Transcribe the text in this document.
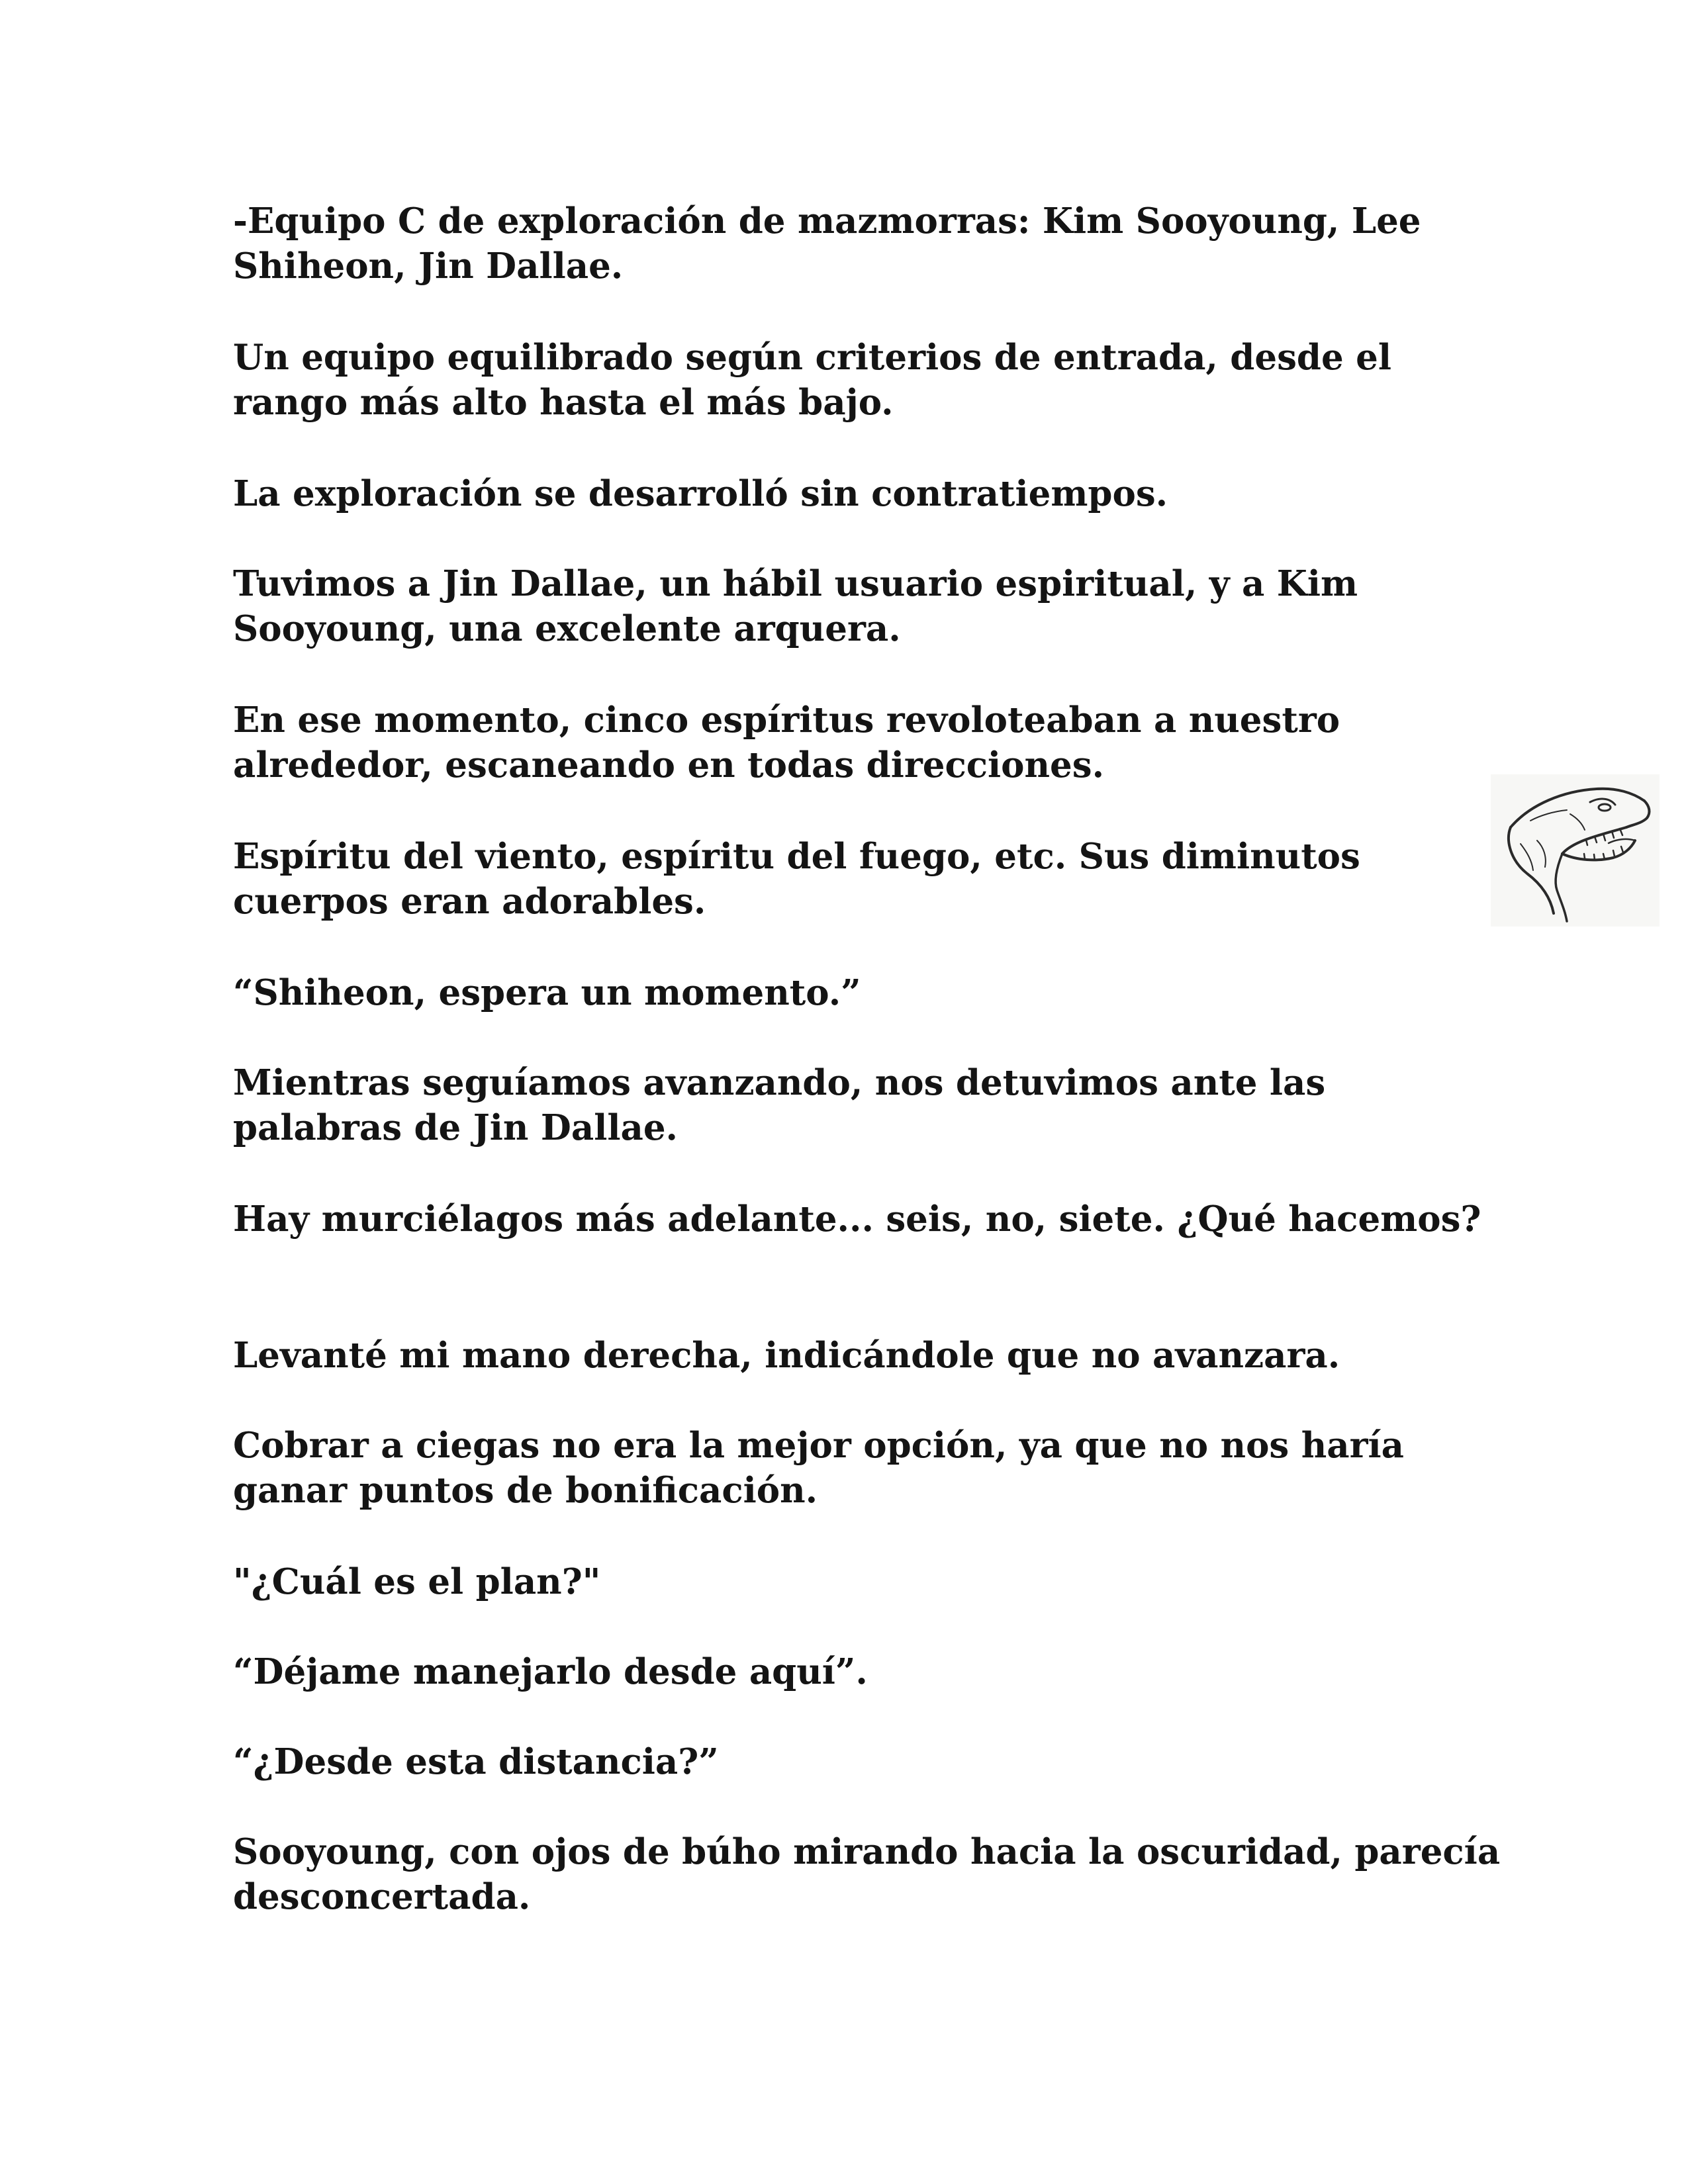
-Equipo C de exploración de mazmorras: Kim Sooyoung, Lee Shiheon, Jin Dallae.

Un equipo equilibrado según criterios de entrada, desde el rango más alto hasta el más bajo.

La exploración se desarrolló sin contratiempos.

Tuvimos a Jin Dallae, un hábil usuario espiritual, y a Kim Sooyoung, una excelente arquera.

En ese momento, cinco espíritus revoloteaban a nuestro alrededor, escaneando en todas direcciones.

Espíritu del viento, espíritu del fuego, etc. Sus diminutos cuerpos eran adorables.

“Shiheon, espera un momento.”

Mientras seguíamos avanzando, nos detuvimos ante las palabras de Jin Dallae.

Hay murciélagos más adelante... seis, no, siete. ¿Qué hacemos?

Levanté mi mano derecha, indicándole que no avanzara.

Cobrar a ciegas no era la mejor opción, ya que no nos haría ganar puntos de bonificación.

"¿Cuál es el plan?"

“Déjame manejarlo desde aquí”.

“¿Desde esta distancia?”

Sooyoung, con ojos de búho mirando hacia la oscuridad, parecía desconcertada.
